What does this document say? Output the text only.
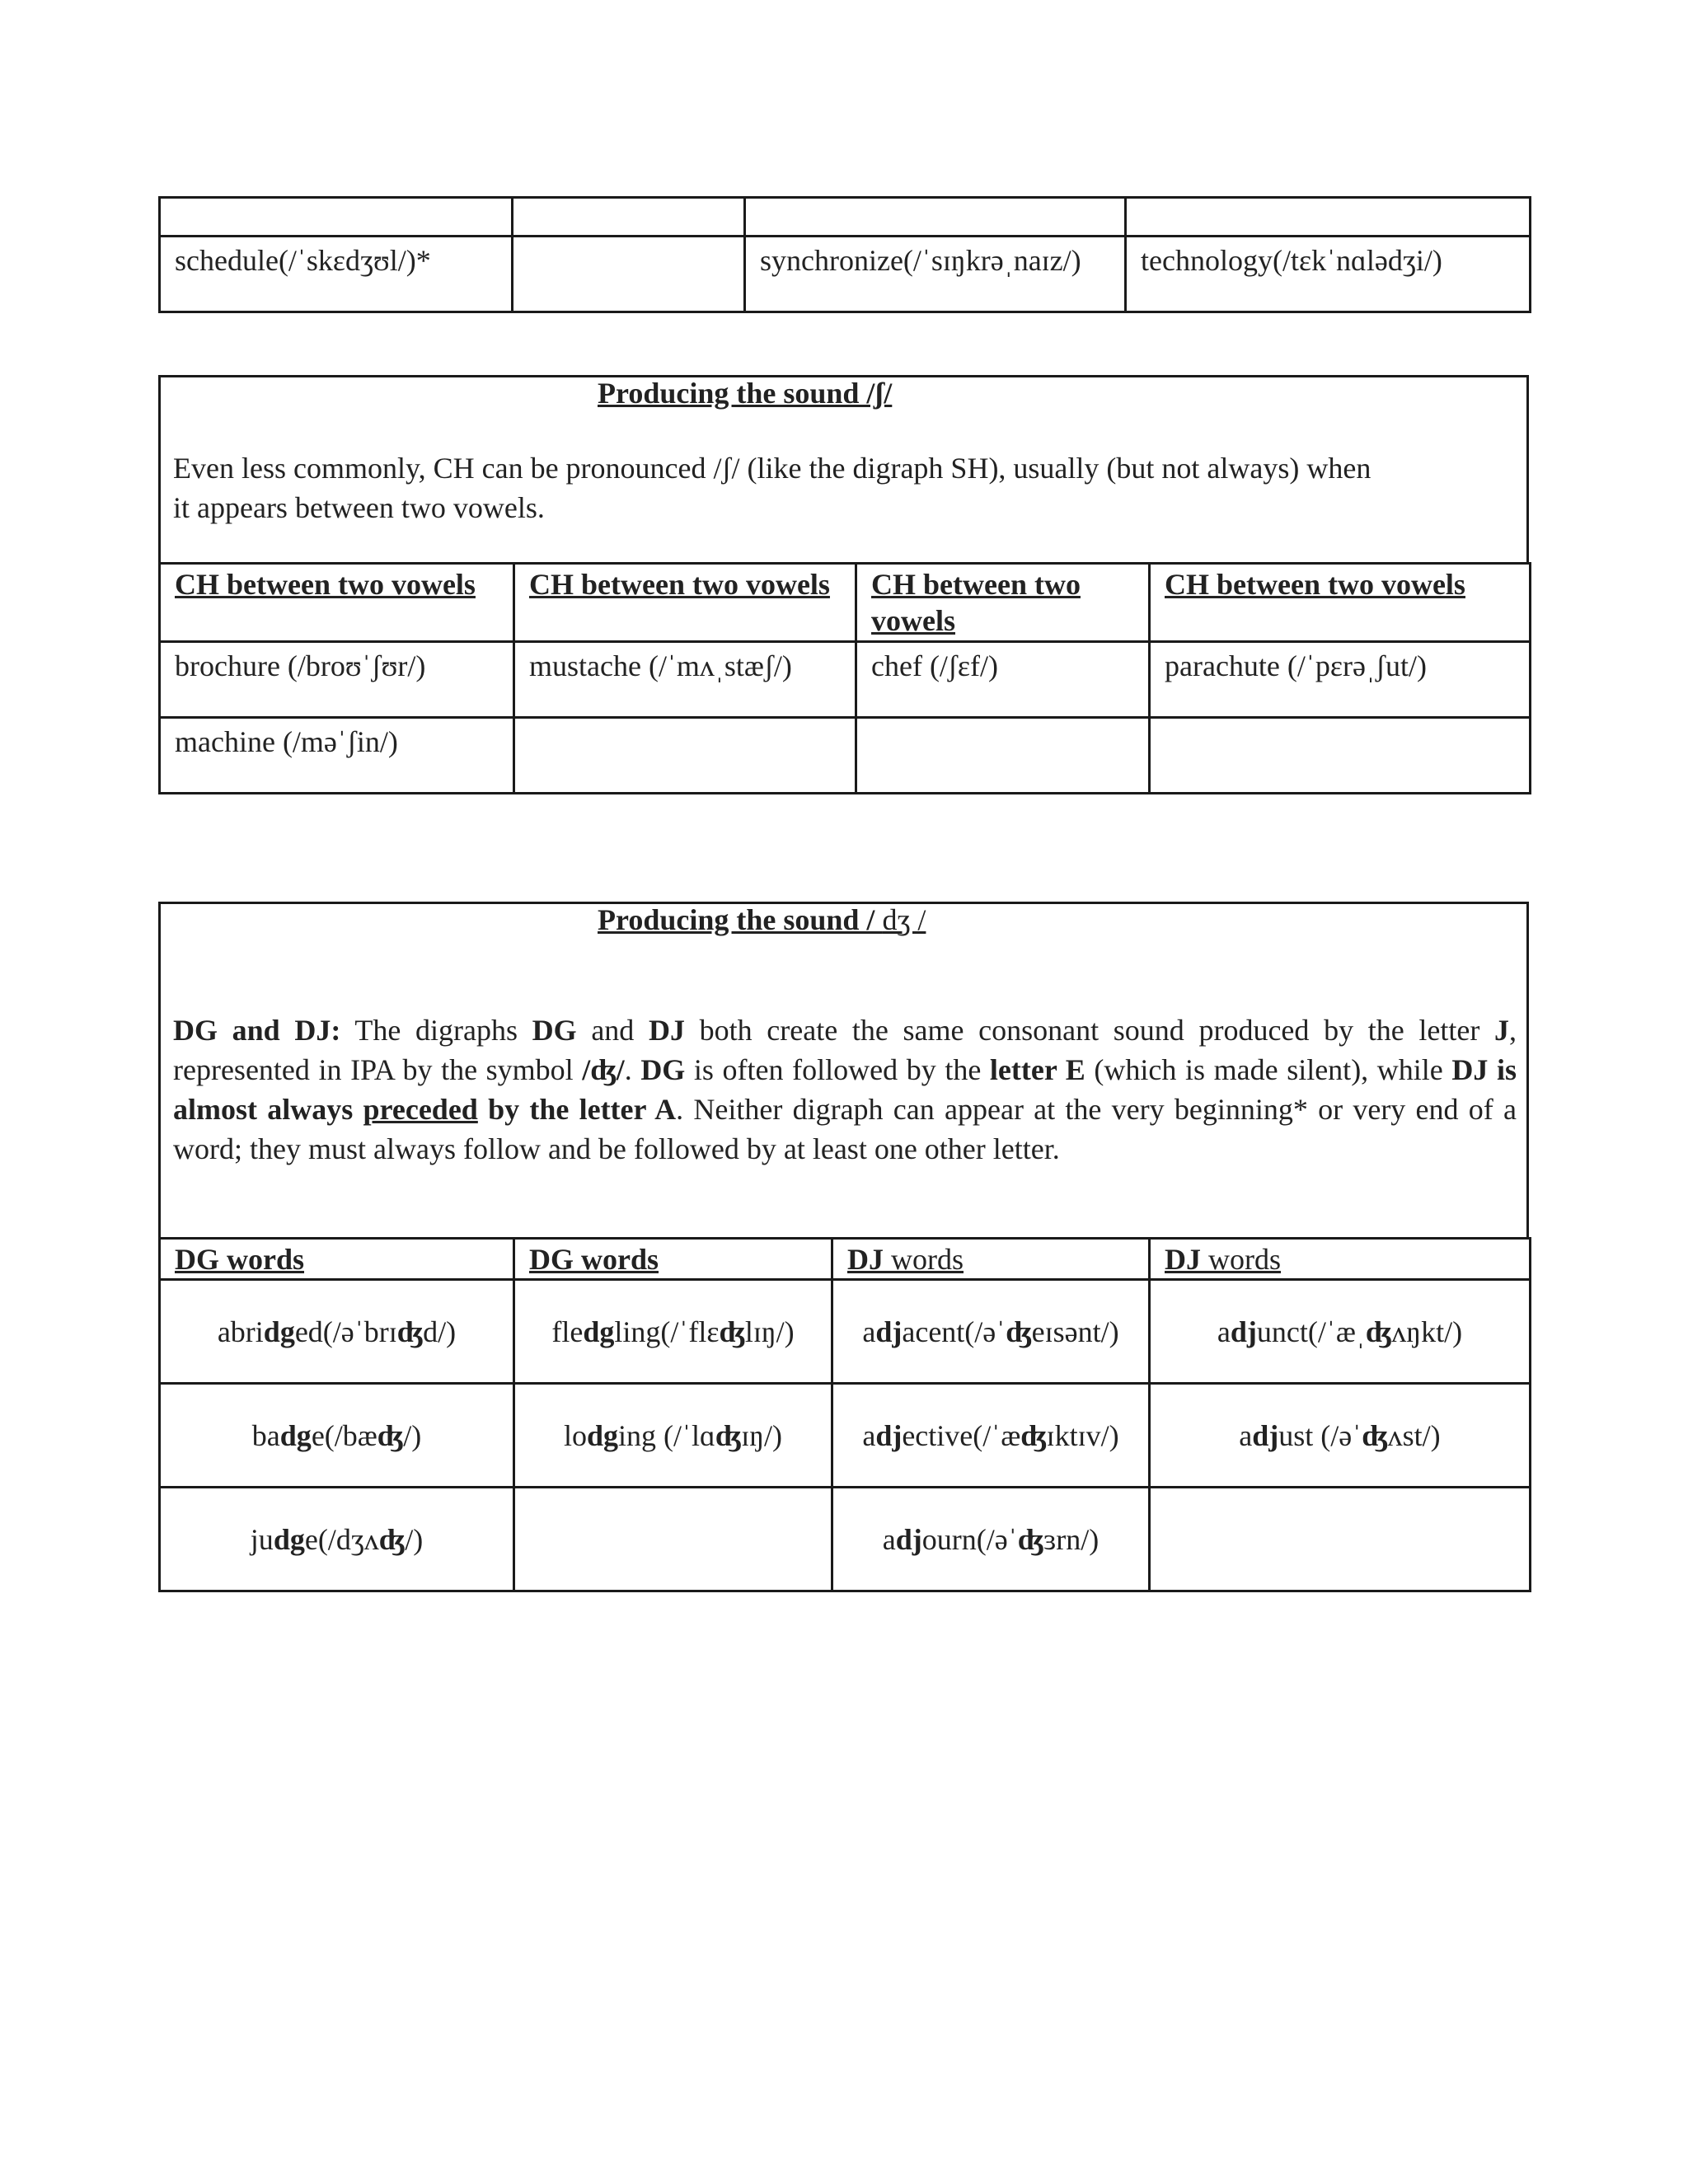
schedule(/ˈskɛdʒʊl/)*		synchronize(/ˈsɪŋkrəˌnaɪz/)	technology(/tɛkˈnɑlədʒi/)
Producing the sound /ʃ/
Even less commonly, CH can be pronounced /ʃ/ (like the digraph SH), usually (but not always) when
it appears between two vowels.
CH between two vowels	CH between two vowels	CH between two vowels	CH between two vowels
brochure (/broʊˈʃʊr/)	mustache (/ˈmʌˌstæʃ/)	chef (/ʃɛf/)	parachute (/ˈpɛrəˌʃut/)
machine (/məˈʃin/)			
Producing the sound / dʒ /
DG and DJ: The digraphs DG and DJ both create the same consonant sound produced by the letter J, represented in IPA by the symbol /ʤ/. DG is often followed by the letter E (which is made silent), while DJ is almost always preceded by the letter A. Neither digraph can appear at the very beginning* or very end of a word; they must always follow and be followed by at least one other letter.
DG words	DG words	DJ words	DJ words
abridged(/əˈbrɪʤd/)	fledgling(/ˈflɛʤlɪŋ/)	adjacent(/əˈʤeɪsənt/)	adjunct(/ˈæˌʤʌŋkt/)
badge(/bæʤ/)	lodging (/ˈlɑʤɪŋ/)	adjective(/ˈæʤɪktɪv/)	adjust (/əˈʤʌst/)
judge(/dʒʌʤ/)		adjourn(/əˈʤɜrn/)	
